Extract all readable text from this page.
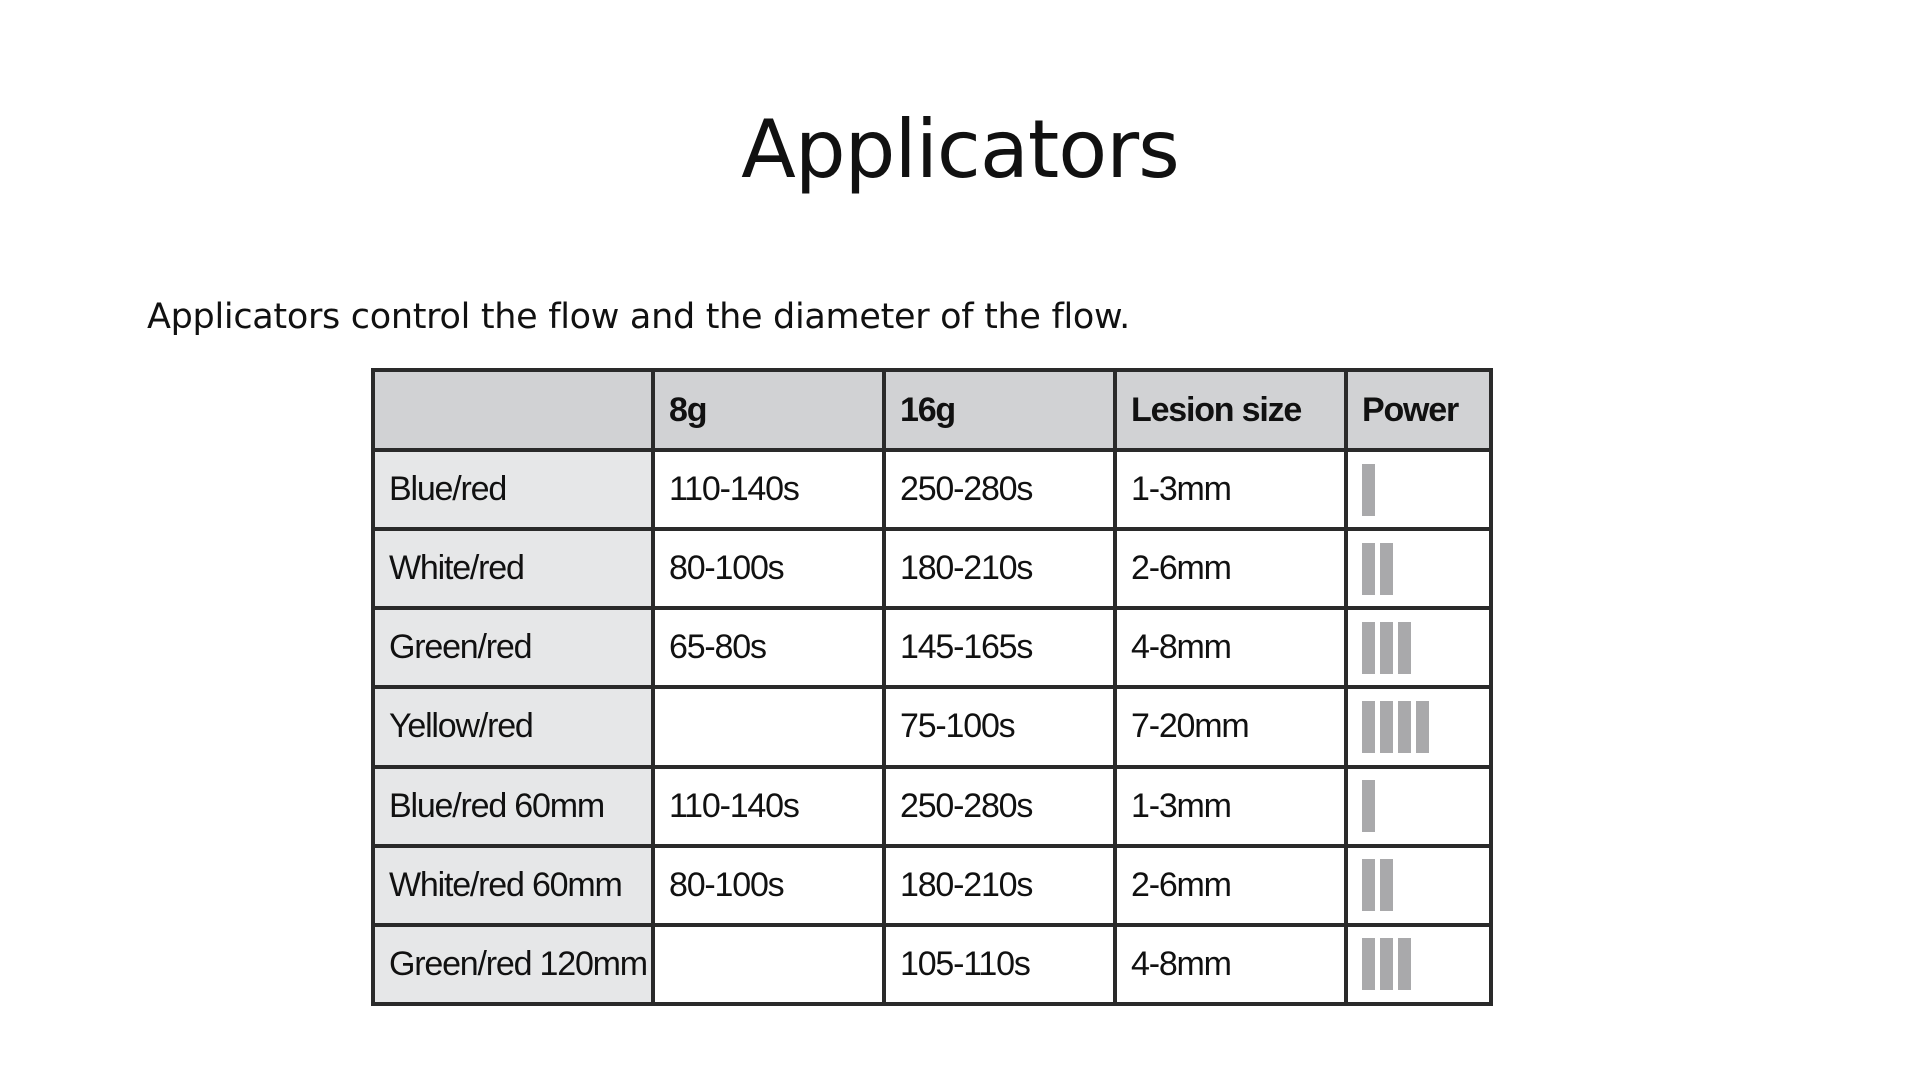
Applicators

Applicators control the flow and the diameter of the flow.

	8g	16g	Lesion size	Power
Blue/red	110-140s	250-280s	1-3mm	

White/red	80-100s	180-210s	2-6mm	

Green/red	65-80s	145-165s	4-8mm	

Yellow/red		75-100s	7-20mm	

Blue/red 60mm	110-140s	250-280s	1-3mm	

White/red 60mm	80-100s	180-210s	2-6mm	

Green/red 120mm		105-110s	4-8mm	
